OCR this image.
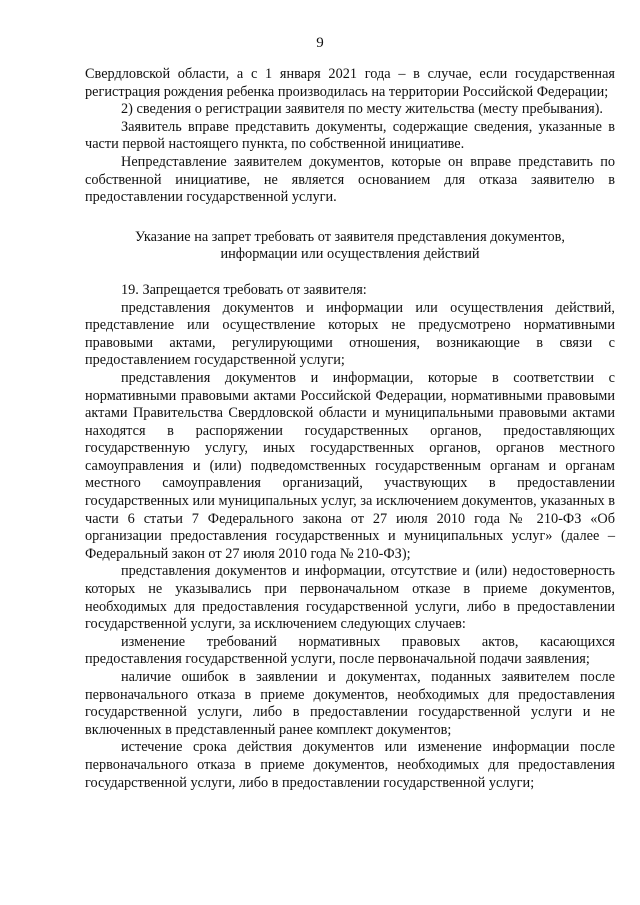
9

Свердловской области, а с 1 января 2021 года – в случае, если государственная регистрация рождения ребенка производилась на территории Российской Федерации;

2) сведения о регистрации заявителя по месту жительства (месту пребывания).

Заявитель вправе представить документы, содержащие сведения, указанные в части первой настоящего пункта, по собственной инициативе.

Непредставление заявителем документов, которые он вправе представить по собственной инициативе, не является основанием для отказа заявителю в предоставлении государственной услуги.

Указание на запрет требовать от заявителя представления документов, информации или осуществления действий

19. Запрещается требовать от заявителя:

представления документов и информации или осуществления действий, представление или осуществление которых не предусмотрено нормативными правовыми актами, регулирующими отношения, возникающие в связи с предоставлением государственной услуги;

представления документов и информации, которые в соответствии с нормативными правовыми актами Российской Федерации, нормативными правовыми актами Правительства Свердловской области и муниципальными правовыми актами находятся в распоряжении государственных органов, предоставляющих государственную услугу, иных государственных органов, органов местного самоуправления и (или) подведомственных государственным органам и органам местного самоуправления организаций, участвующих в предоставлении государственных или муниципальных услуг, за исключением документов, указанных в части 6 статьи 7 Федерального закона от 27 июля 2010 года № 210-ФЗ «Об организации предоставления государственных и муниципальных услуг» (далее – Федеральный закон от 27 июля 2010 года № 210-ФЗ);

представления документов и информации, отсутствие и (или) недостоверность которых не указывались при первоначальном отказе в приеме документов, необходимых для предоставления государственной услуги, либо в предоставлении государственной услуги, за исключением следующих случаев:

изменение требований нормативных правовых актов, касающихся предоставления государственной услуги, после первоначальной подачи заявления;

наличие ошибок в заявлении и документах, поданных заявителем после первоначального отказа в приеме документов, необходимых для предоставления государственной услуги, либо в предоставлении государственной услуги и не включенных в представленный ранее комплект документов;

истечение срока действия документов или изменение информации после первоначального отказа в приеме документов, необходимых для предоставления государственной услуги, либо в предоставлении государственной услуги;
